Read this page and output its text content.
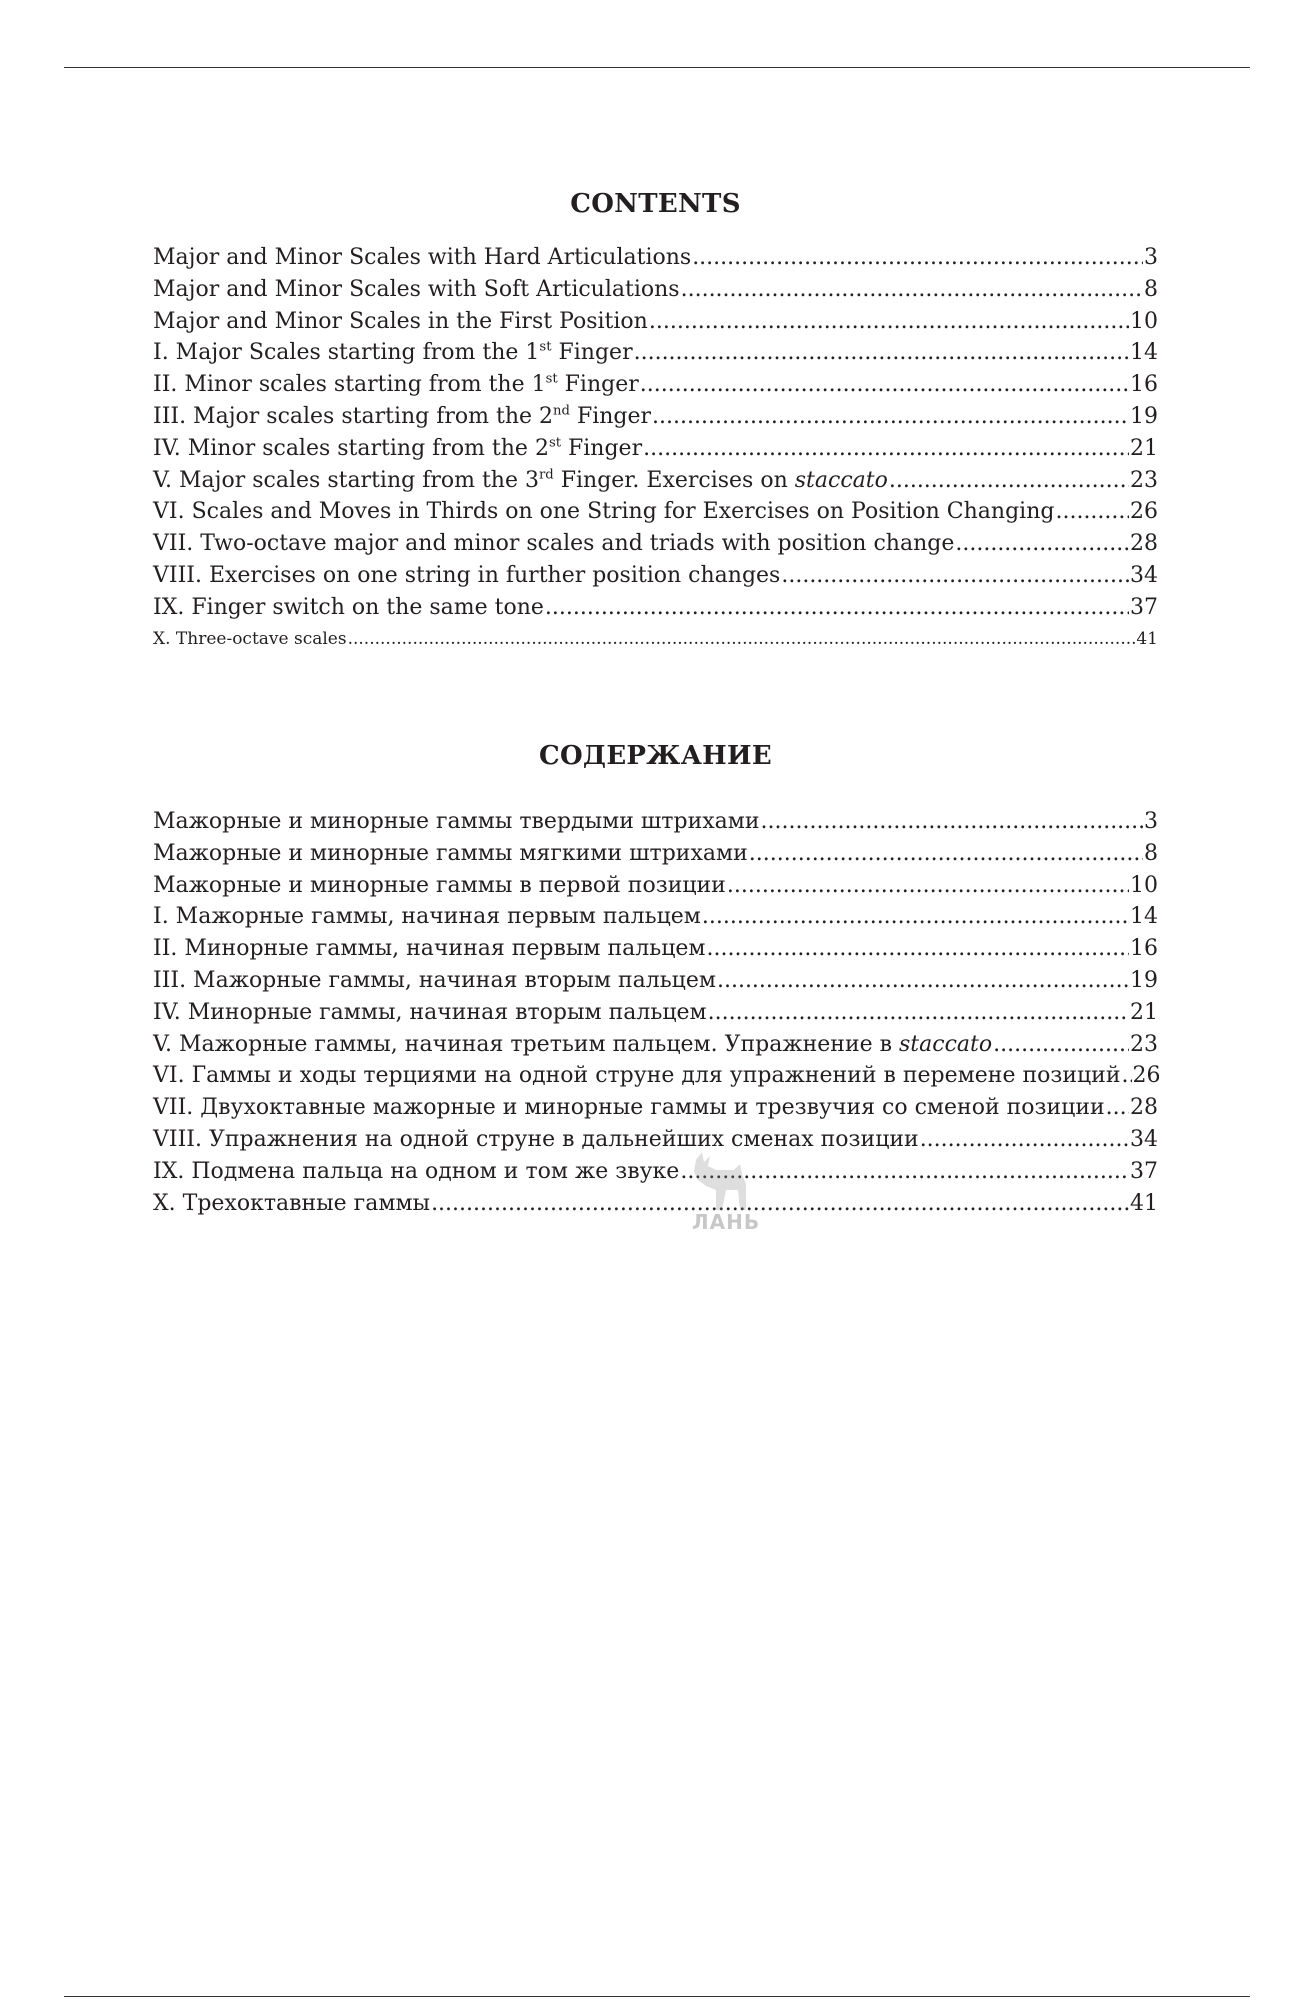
CONTENTS
Major and Minor Scales with Hard Articulations .....	3
Major and Minor Scales with Soft Articulations .....	8
Major and Minor Scales in the First Position .....	10
I. Major Scales starting from the 1st Finger .....	14
II. Minor scales starting from the 1st Finger .....	16
III. Major scales starting from the 2nd Finger .....	19
IV. Minor scales starting from the 2st Finger .....	21
V. Major scales starting from the 3rd Finger. Exercises on staccato .....	23
VI. Scales and Moves in Thirds on one String for Exercises on Position Changing .....	26
VII. Two-octave major and minor scales and triads with position change .....	28
VIII. Exercises on one string in further position changes .....	34
IX. Finger switch on the same tone .....	37
X. Three-octave scales .....	41
СОДЕРЖАНИЕ
Мажорные и минорные гаммы твердыми штрихами .....	3
Мажорные и минорные гаммы мягкими штрихами .....	8
Мажорные и минорные гаммы в первой позиции .....	10
I. Мажорные гаммы, начиная первым пальцем .....	14
II. Минорные гаммы, начиная первым пальцем .....	16
III. Мажорные гаммы, начиная вторым пальцем .....	19
IV. Минорные гаммы, начиная вторым пальцем .....	21
V. Мажорные гаммы, начиная третьим пальцем. Упражнение в staccato .....	23
VI. Гаммы и ходы терциями на одной струне для упражнений в перемене позиций ..... 26
VII. Двухоктавные мажорные и минорные гаммы и трезвучия со сменой позиции ..... 28
VIII. Упражнения на одной струне в дальнейших сменах позиции .....	34
IX. Подмена пальца на одном и том же звуке .....	37
X. Трехоктавные гаммы .....	41
ЛАНЬ
